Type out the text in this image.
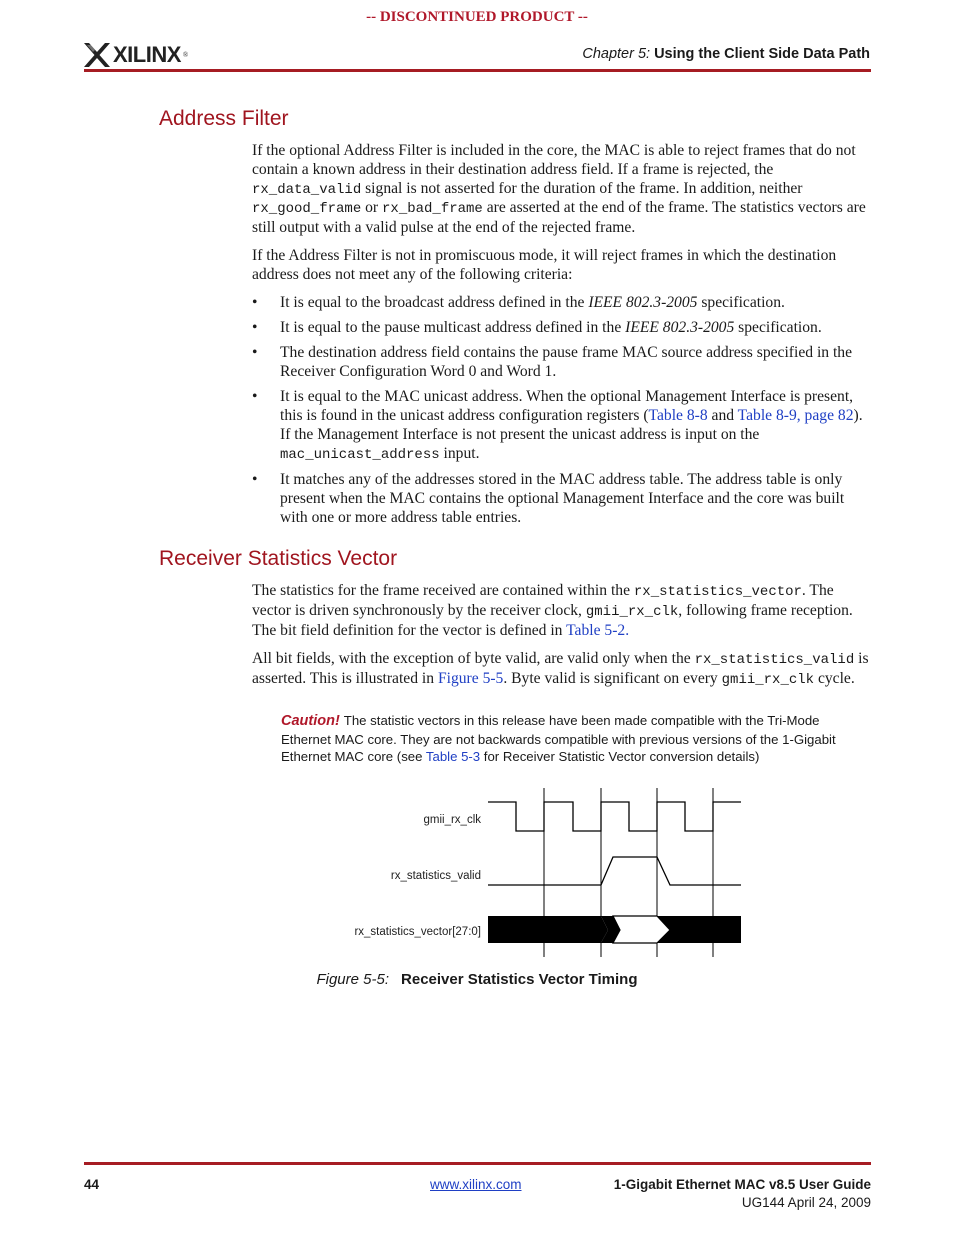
-- DISCONTINUED PRODUCT --
XILINX ®	Chapter 5: Using the Client Side Data Path
Address Filter

If the optional Address Filter is included in the core, the MAC is able to reject frames that do not contain a known address in their destination address field. If a frame is rejected, the rx_data_valid signal is not asserted for the duration of the frame. In addition, neither rx_good_frame or rx_bad_frame are asserted at the end of the frame. The statistics vectors are still output with a valid pulse at the end of the rejected frame.

If the Address Filter is not in promiscuous mode, it will reject frames in which the destination address does not meet any of the following criteria:

• It is equal to the broadcast address defined in the IEEE 802.3-2005 specification.
• It is equal to the pause multicast address defined in the IEEE 802.3-2005 specification.
• The destination address field contains the pause frame MAC source address specified in the Receiver Configuration Word 0 and Word 1.
• It is equal to the MAC unicast address. When the optional Management Interface is present, this is found in the unicast address configuration registers (Table 8-8 and Table 8-9, page 82). If the Management Interface is not present the unicast address is input on the mac_unicast_address input.
• It matches any of the addresses stored in the MAC address table. The address table is only present when the MAC contains the optional Management Interface and the core was built with one or more address table entries.
Receiver Statistics Vector

The statistics for the frame received are contained within the rx_statistics_vector. The vector is driven synchronously by the receiver clock, gmii_rx_clk, following frame reception. The bit field definition for the vector is defined in Table 5-2.

All bit fields, with the exception of byte valid, are valid only when the rx_statistics_valid is asserted. This is illustrated in Figure 5-5. Byte valid is significant on every gmii_rx_clk cycle.

Caution! The statistic vectors in this release have been made compatible with the Tri-Mode Ethernet MAC core. They are not backwards compatible with previous versions of the 1-Gigabit Ethernet MAC core (see Table 5-3 for Receiver Statistic Vector conversion details)
gmii_rx_clk
rx_statistics_valid
rx_statistics_vector[27:0]
Figure 5-5: Receiver Statistics Vector Timing
44	www.xilinx.com	1-Gigabit Ethernet MAC v8.5 User Guide
UG144 April 24, 2009
